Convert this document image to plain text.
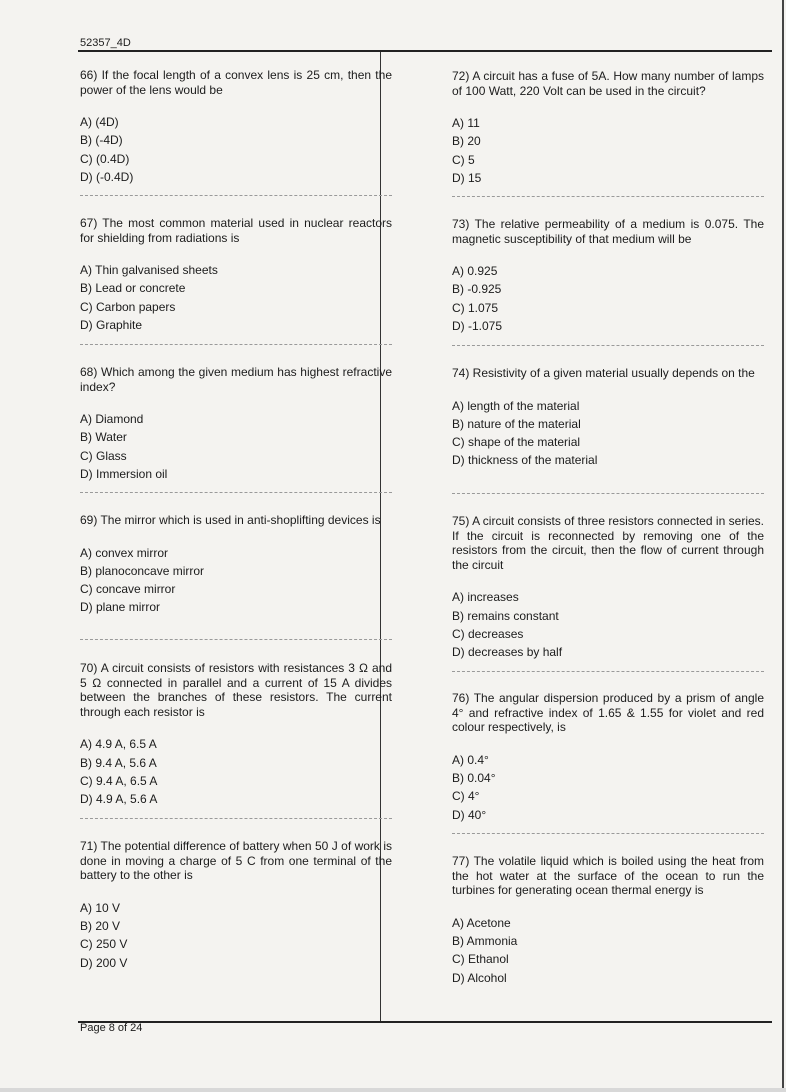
52357_4D
66) If the focal length of a convex lens is 25 cm, then the power of the lens would be
A) (4D)
B) (-4D)
C) (0.4D)
D) (-0.4D)
67) The most common material used in nuclear reactors for shielding from radiations is
A) Thin galvanised sheets
B) Lead or concrete
C) Carbon papers
D) Graphite
68) Which among the given medium has highest refractive index?
A) Diamond
B) Water
C) Glass
D) Immersion oil
69) The mirror which is used in anti-shoplifting devices is
A) convex mirror
B) planoconcave mirror
C) concave mirror
D) plane mirror
70) A circuit consists of resistors with resistances 3 Ω and 5 Ω connected in parallel and a current of 15 A divides between the branches of these resistors. The current through each resistor is
A) 4.9 A, 6.5 A
B) 9.4 A, 5.6 A
C) 9.4 A, 6.5 A
D) 4.9 A, 5.6 A
71) The potential difference of battery when 50 J of work is done in moving a charge of 5 C from one terminal of the battery to the other is
A) 10 V
B) 20 V
C) 250 V
D) 200 V
72) A circuit has a fuse of 5A. How many number of lamps of 100 Watt, 220 Volt can be used in the circuit?
A) 11
B) 20
C) 5
D) 15
73) The relative permeability of a medium is 0.075. The magnetic susceptibility of that medium will be
A) 0.925
B) -0.925
C) 1.075
D) -1.075
74) Resistivity of a given material usually depends on the
A) length of the material
B) nature of the material
C) shape of the material
D) thickness of the material
75) A circuit consists of three resistors connected in series. If the circuit is reconnected by removing one of the resistors from the circuit, then the flow of current through the circuit
A) increases
B) remains constant
C) decreases
D) decreases by half
76) The angular dispersion produced by a prism of angle 4° and refractive index of 1.65 & 1.55 for violet and red colour respectively, is
A) 0.4°
B) 0.04°
C) 4°
D) 40°
77) The volatile liquid which is boiled using the heat from the hot water at the surface of the ocean to run the turbines for generating ocean thermal energy is
A) Acetone
B) Ammonia
C) Ethanol
D) Alcohol
Page 8 of 24
